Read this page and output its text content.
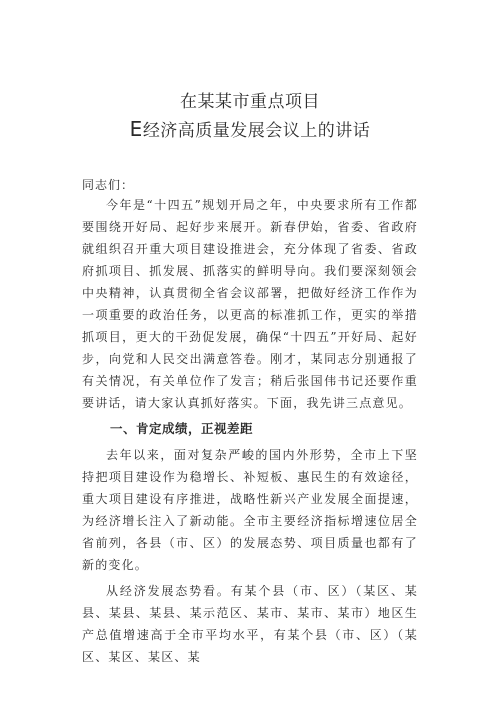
在某某市重点项目
E经济高质量发展会议上的讲话
同志们：

今年是“十四五”规划开局之年，中央要求所有工作都要围绕开好局、起好步来展开。新春伊始，省委、省政府就组织召开重大项目建设推进会，充分体现了省委、省政府抓项目、抓发展、抓落实的鲜明导向。我们要深刻领会中央精神，认真贯彻全省会议部署，把做好经济工作作为一项重要的政治任务，以更高的标准抓工作，更实的举措抓项目，更大的干劲促发展，确保“十四五”开好局、起好步，向党和人民交出满意答卷。刚才，某同志分别通报了有关情况，有关单位作了发言；稍后张国伟书记还要作重要讲话，请大家认真抓好落实。下面，我先讲三点意见。

一、肯定成绩，正视差距

去年以来，面对复杂严峻的国内外形势，全市上下坚持把项目建设作为稳增长、补短板、惠民生的有效途径，重大项目建设有序推进，战略性新兴产业发展全面提速，为经济增长注入了新动能。全市主要经济指标增速位居全省前列，各县（市、区）的发展态势、项目质量也都有了新的变化。

从经济发展态势看。有某个县（市、区）（某区、某县、某县、某县、某示范区、某市、某市、某市）地区生产总值增速高于全市平均水平，有某个县（市、区）（某区、某区、某区、某
